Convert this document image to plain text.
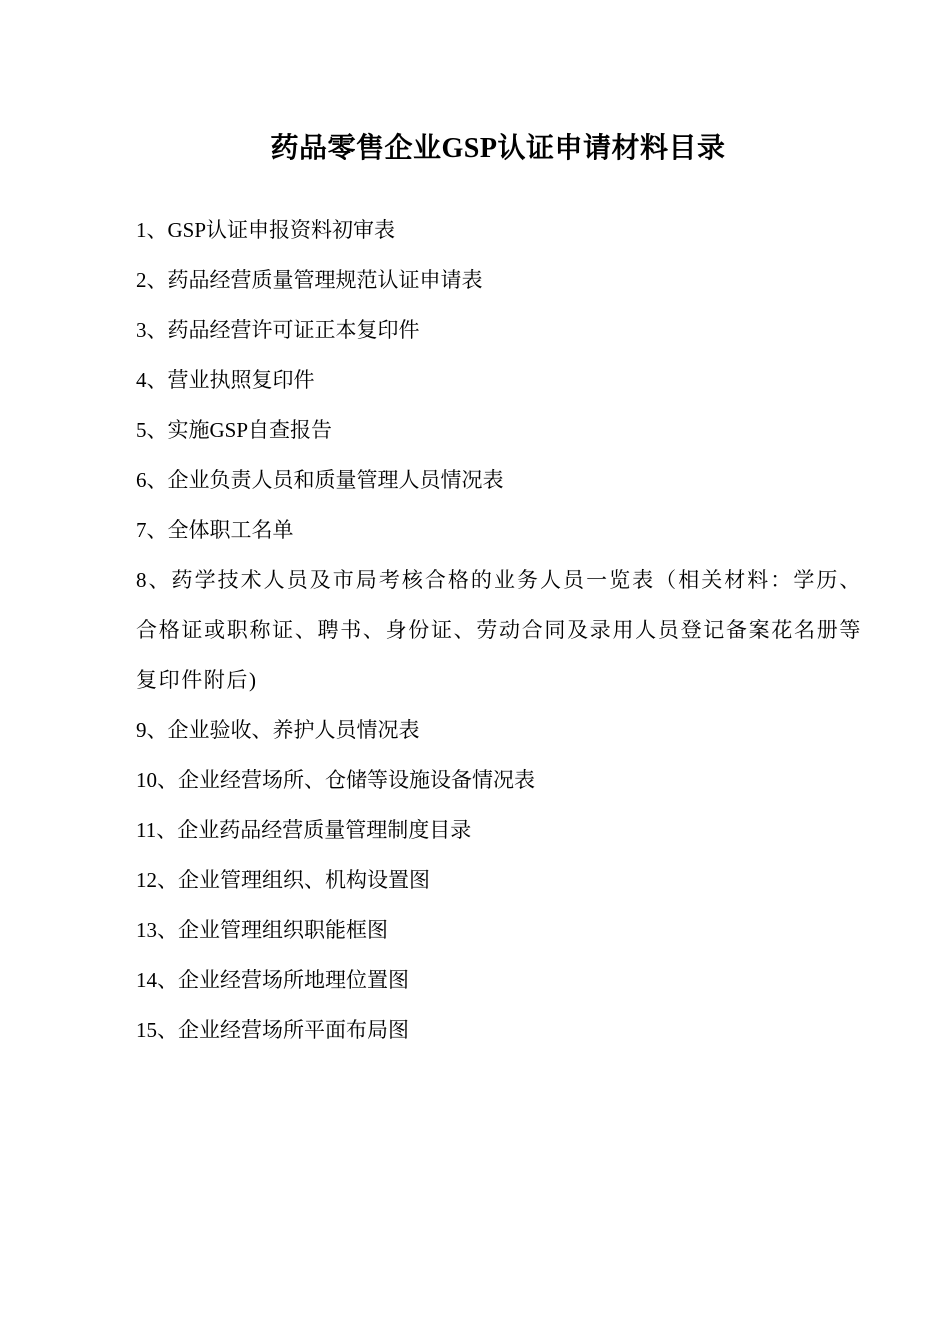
药品零售企业GSP认证申请材料目录
1、GSP认证申报资料初审表
2、药品经营质量管理规范认证申请表
3、药品经营许可证正本复印件
4、营业执照复印件
5、实施GSP自查报告
6、企业负责人员和质量管理人员情况表
7、全体职工名单
8、药学技术人员及市局考核合格的业务人员一览表（相关材料：学历、合格证或职称证、聘书、身份证、劳动合同及录用人员登记备案花名册等复印件附后)
9、企业验收、养护人员情况表
10、企业经营场所、仓储等设施设备情况表
11、企业药品经营质量管理制度目录
12、企业管理组织、机构设置图
13、企业管理组织职能框图
14、企业经营场所地理位置图
15、企业经营场所平面布局图
